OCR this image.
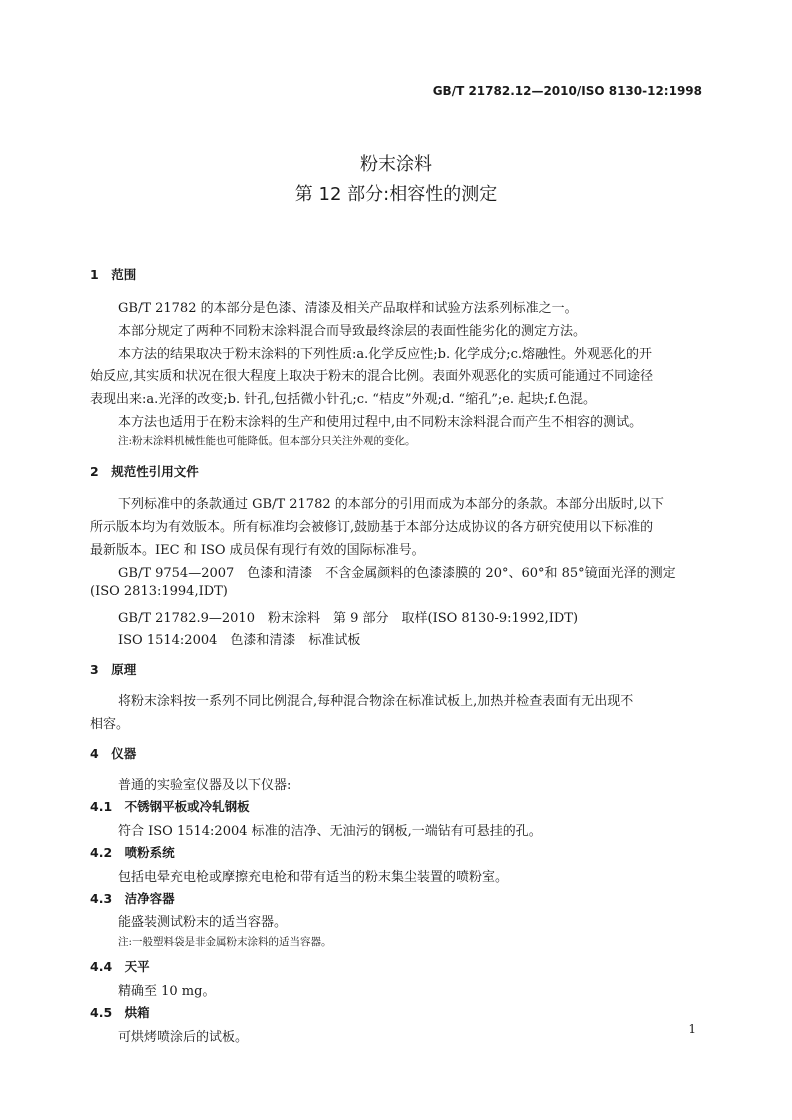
GB/T 21782.12—2010/ISO 8130-12:1998
粉末涂料
第 12 部分:相容性的测定
1　范围
GB/T 21782 的本部分是色漆、清漆及相关产品取样和试验方法系列标准之一。
本部分规定了两种不同粉末涂料混合而导致最终涂层的表面性能劣化的测定方法。
本方法的结果取决于粉末涂料的下列性质:a.化学反应性;b. 化学成分;c.熔融性。外观恶化的开
始反应,其实质和状况在很大程度上取决于粉末的混合比例。表面外观恶化的实质可能通过不同途径
表现出来:a.光泽的改变;b. 针孔,包括微小针孔;c. “桔皮”外观;d. “缩孔”;e. 起块;f.色混。
本方法也适用于在粉末涂料的生产和使用过程中,由不同粉末涂料混合而产生不相容的测试。
注:粉末涂料机械性能也可能降低。但本部分只关注外观的变化。
2　规范性引用文件
下列标准中的条款通过 GB/T 21782 的本部分的引用而成为本部分的条款。本部分出版时,以下
所示版本均为有效版本。所有标准均会被修订,鼓励基于本部分达成协议的各方研究使用以下标准的
最新版本。IEC 和 ISO 成员保有现行有效的国际标准号。
GB/T 9754—2007　色漆和清漆　不含金属颜料的色漆漆膜的 20°、60°和 85°镜面光泽的测定
(ISO 2813:1994,IDT)
GB/T 21782.9—2010　粉末涂料　第 9 部分　取样(ISO 8130-9:1992,IDT)
ISO 1514:2004　色漆和清漆　标准试板
3　原理
将粉末涂料按一系列不同比例混合,每种混合物涂在标准试板上,加热并检查表面有无出现不
相容。
4　仪器
普通的实验室仪器及以下仪器:
4.1　不锈钢平板或冷轧钢板
符合 ISO 1514:2004 标准的洁净、无油污的钢板,一端钻有可悬挂的孔。
4.2　喷粉系统
包括电晕充电枪或摩擦充电枪和带有适当的粉末集尘装置的喷粉室。
4.3　洁净容器
能盛装测试粉末的适当容器。
注:一般塑料袋是非金属粉末涂料的适当容器。
4.4　天平
精确至 10 mg。
4.5　烘箱
可烘烤喷涂后的试板。
1
